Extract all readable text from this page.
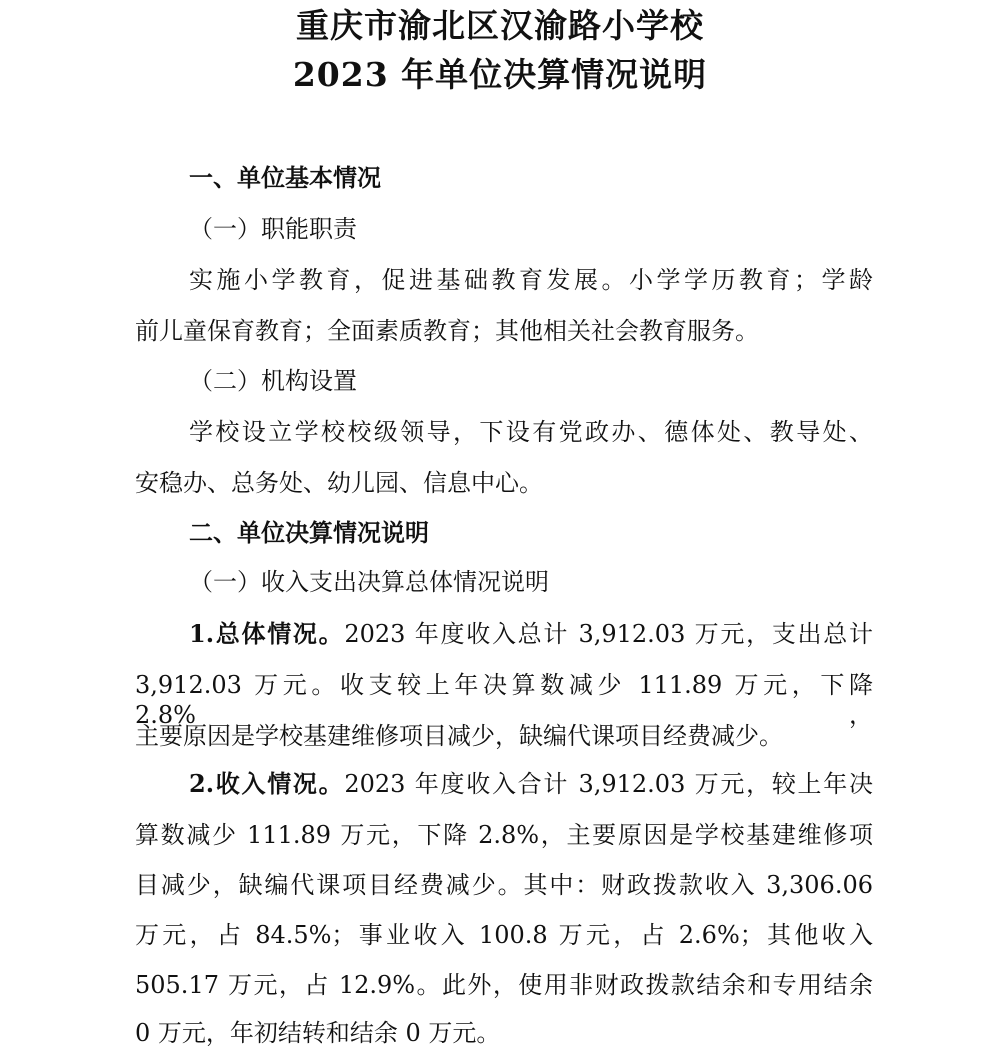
重庆市渝北区汉渝路小学校
2023 年单位决算情况说明
一、单位基本情况
（一）职能职责
实施小学教育，促进基础教育发展。小学学历教育；学龄
前儿童保育教育；全面素质教育；其他相关社会教育服务。
（二）机构设置
学校设立学校校级领导，下设有党政办、德体处、教导处、
安稳办、总务处、幼儿园、信息中心。
二、单位决算情况说明
（一）收入支出决算总体情况说明
1.总体情况。2023 年度收入总计 3,912.03 万元，支出总计
3,912.03 万元。收支较上年决算数减少 111.89 万元，下降 2.8%，
主要原因是学校基建维修项目减少，缺编代课项目经费减少。
2.收入情况。2023 年度收入合计 3,912.03 万元，较上年决
算数减少 111.89 万元，下降 2.8%，主要原因是学校基建维修项
目减少，缺编代课项目经费减少。其中：财政拨款收入 3,306.06
万元，占 84.5%；事业收入 100.8 万元，占 2.6%；其他收入
505.17 万元，占 12.9%。此外，使用非财政拨款结余和专用结余
0 万元，年初结转和结余 0 万元。
